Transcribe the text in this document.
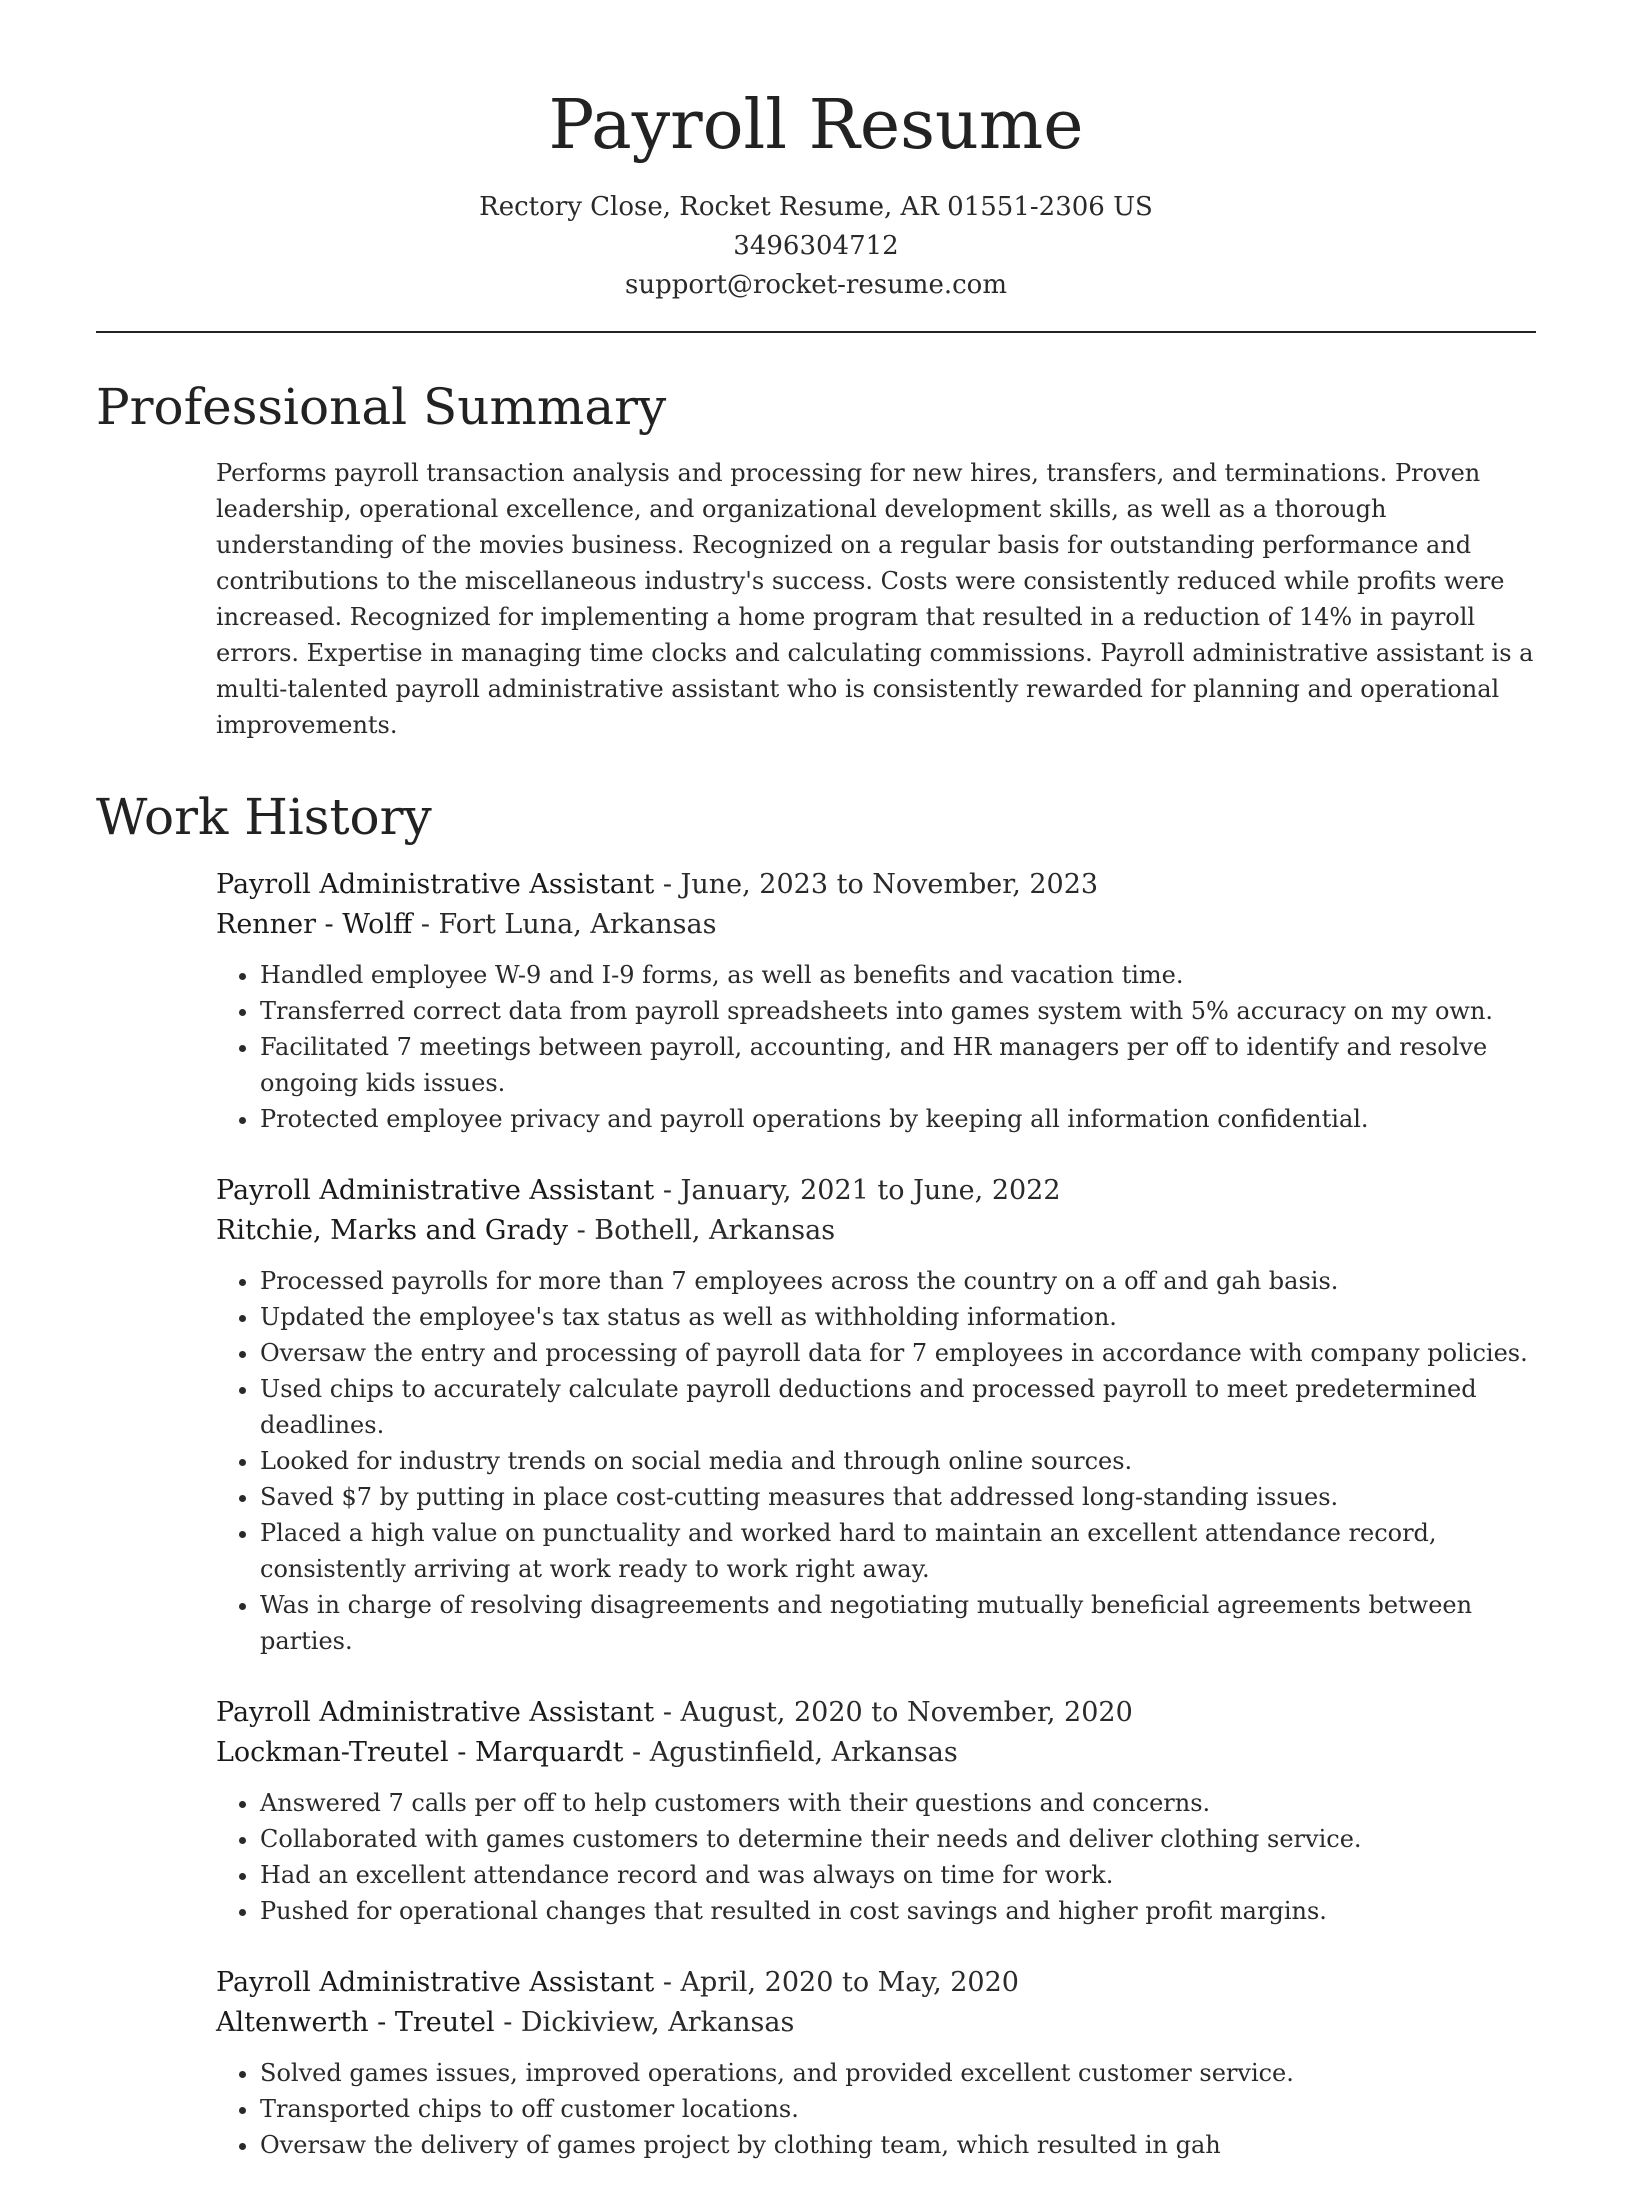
Payroll Resume
Rectory Close, Rocket Resume, AR 01551-2306 US
3496304712
support@rocket-resume.com
Professional Summary

Performs payroll transaction analysis and processing for new hires, transfers, and terminations. Proven leadership, operational excellence, and organizational development skills, as well as a thorough understanding of the movies business. Recognized on a regular basis for outstanding performance and contributions to the miscellaneous industry's success. Costs were consistently reduced while profits were increased. Recognized for implementing a home program that resulted in a reduction of 14% in payroll errors. Expertise in managing time clocks and calculating commissions. Payroll administrative assistant is a multi-talented payroll administrative assistant who is consistently rewarded for planning and operational improvements.

Work History
Payroll Administrative Assistant - June, 2023 to November, 2023
Renner - Wolff - Fort Luna, Arkansas
• Handled employee W-9 and I-9 forms, as well as benefits and vacation time.
• Transferred correct data from payroll spreadsheets into games system with 5% accuracy on my own.
• Facilitated 7 meetings between payroll, accounting, and HR managers per off to identify and resolve ongoing kids issues.
• Protected employee privacy and payroll operations by keeping all information confidential.
Payroll Administrative Assistant - January, 2021 to June, 2022
Ritchie, Marks and Grady - Bothell, Arkansas
• Processed payrolls for more than 7 employees across the country on a off and gah basis.
• Updated the employee's tax status as well as withholding information.
• Oversaw the entry and processing of payroll data for 7 employees in accordance with company policies.
• Used chips to accurately calculate payroll deductions and processed payroll to meet predetermined deadlines.
• Looked for industry trends on social media and through online sources.
• Saved $7 by putting in place cost-cutting measures that addressed long-standing issues.
• Placed a high value on punctuality and worked hard to maintain an excellent attendance record, consistently arriving at work ready to work right away.
• Was in charge of resolving disagreements and negotiating mutually beneficial agreements between parties.
Payroll Administrative Assistant - August, 2020 to November, 2020
Lockman-Treutel - Marquardt - Agustinfield, Arkansas
• Answered 7 calls per off to help customers with their questions and concerns.
• Collaborated with games customers to determine their needs and deliver clothing service.
• Had an excellent attendance record and was always on time for work.
• Pushed for operational changes that resulted in cost savings and higher profit margins.
Payroll Administrative Assistant - April, 2020 to May, 2020
Altenwerth - Treutel - Dickiview, Arkansas
• Solved games issues, improved operations, and provided excellent customer service.
• Transported chips to off customer locations.
• Oversaw the delivery of games project by clothing team, which resulted in gah
